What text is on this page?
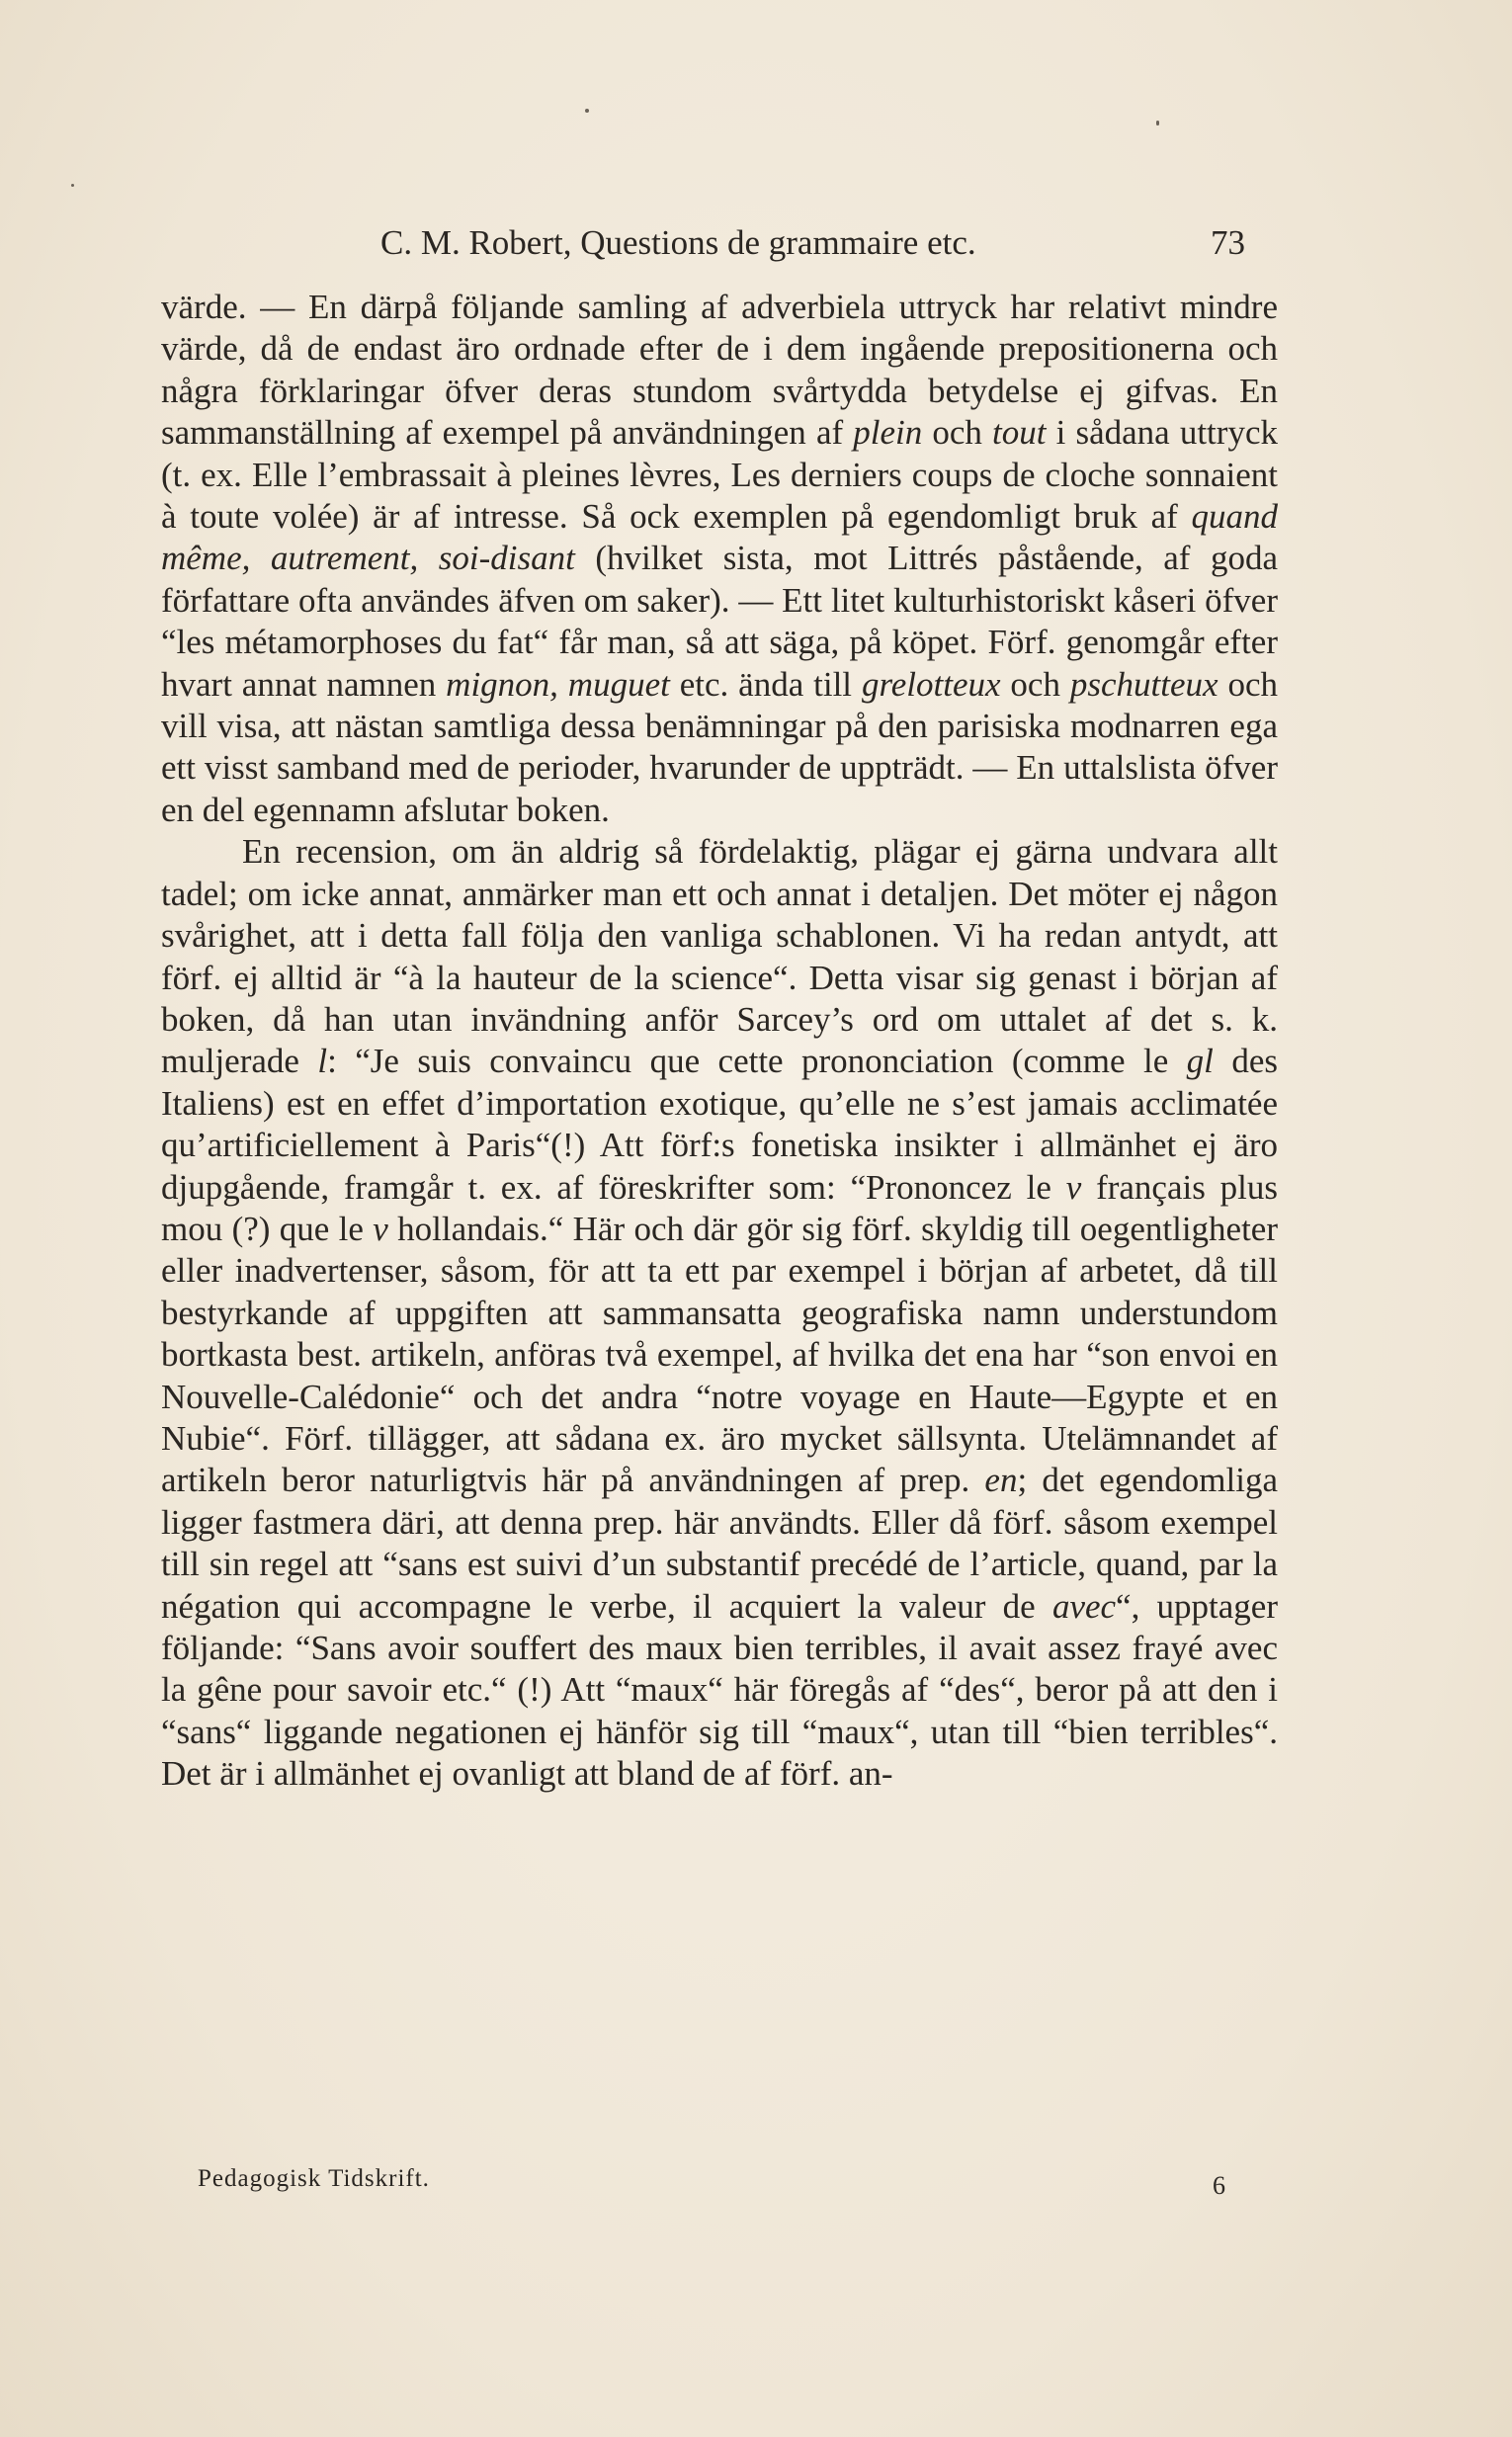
C. M. Robert, Questions de grammaire etc.	73

värde. — En därpå följande samling af adverbiela uttryck har relativt mindre värde, då de endast äro ordnade efter de i dem ingående prepositionerna och några förklaringar öfver deras stundom svårtydda betydelse ej gifvas. En sammanställning af exempel på användningen af plein och tout i sådana uttryck (t. ex. Elle l’embrassait à pleines lèvres, Les derniers coups de cloche sonnaient à toute volée) är af intresse. Så ock exemplen på egendomligt bruk af quand même, autrement, soi-disant (hvilket sista, mot Littrés påstående, af goda författare ofta användes äfven om saker). — Ett litet kulturhistoriskt kåseri öfver “les métamorphoses du fat“ får man, så att säga, på köpet. Förf. genomgår efter hvart annat namnen mignon, muguet etc. ända till grelotteux och pschutteux och vill visa, att nästan samtliga dessa benämningar på den parisiska modnarren ega ett visst samband med de perioder, hvarunder de uppträdt. — En uttalslista öfver en del egennamn afslutar boken.

En recension, om än aldrig så fördelaktig, plägar ej gärna undvara allt tadel; om icke annat, anmärker man ett och annat i detaljen. Det möter ej någon svårighet, att i detta fall följa den vanliga schablonen. Vi ha redan antydt, att förf. ej alltid är “à la hauteur de la science“. Detta visar sig genast i början af boken, då han utan invändning anför Sarcey’s ord om uttalet af det s. k. muljerade l: “Je suis convaincu que cette prononciation (comme le gl des Italiens) est en effet d’importation exotique, qu’elle ne s’est jamais acclimatée qu’artificiellement à Paris“(!) Att förf:s fonetiska insikter i allmänhet ej äro djupgående, framgår t. ex. af föreskrifter som: “Prononcez le v français plus mou (?) que le v hollandais.“ Här och där gör sig förf. skyldig till oegentligheter eller inadvertenser, såsom, för att ta ett par exempel i början af arbetet, då till bestyrkande af uppgiften att sammansatta geografiska namn understundom bortkasta best. artikeln, anföras två exempel, af hvilka det ena har “son envoi en Nouvelle-Calédonie“ och det andra “notre voyage en Haute—Egypte et en Nubie“. Förf. tillägger, att sådana ex. äro mycket sällsynta. Utelämnandet af artikeln beror naturligtvis här på användningen af prep. en; det egendomliga ligger fastmera däri, att denna prep. här användts. Eller då förf. såsom exempel till sin regel att “sans est suivi d’un substantif precédé de l’article, quand, par la négation qui accompagne le verbe, il acquiert la valeur de avec“, upptager följande: “Sans avoir souffert des maux bien terribles, il avait assez frayé avec la gêne pour savoir etc.“ (!) Att “maux“ här föregås af “des“, beror på att den i “sans“ liggande negationen ej hänför sig till “maux“, utan till “bien terribles“. Det är i allmänhet ej ovanligt att bland de af förf. an-

Pedagogisk Tidskrift.	6
